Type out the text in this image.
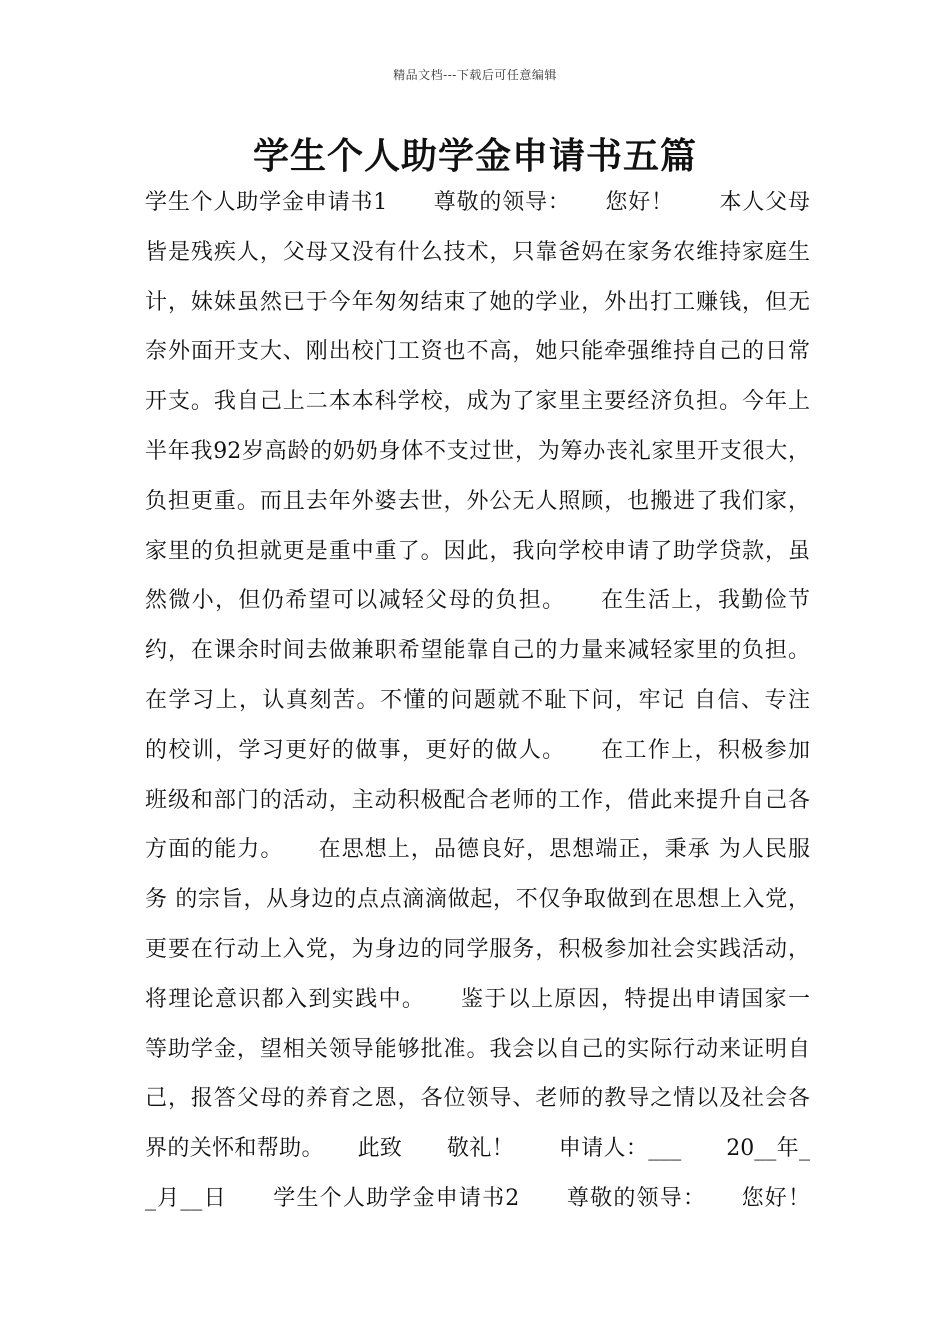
精品文档---下载后可任意编辑
学生个人助学金申请书五篇
学生个人助学金申请书1　　尊敬的领导：　　您好！　　本人父母
皆是残疾人，父母又没有什么技术，只靠爸妈在家务农维持家庭生
计，妹妹虽然已于今年匆匆结束了她的学业，外出打工赚钱，但无
奈外面开支大、刚出校门工资也不高，她只能牵强维持自己的日常
开支。我自己上二本本科学校，成为了家里主要经济负担。今年上
半年我92岁高龄的奶奶身体不支过世，为筹办丧礼家里开支很大，
负担更重。而且去年外婆去世，外公无人照顾，也搬进了我们家，
家里的负担就更是重中重了。因此，我向学校申请了助学贷款，虽
然微小，但仍希望可以减轻父母的负担。　　在生活上，我勤俭节
约，在课余时间去做兼职希望能靠自己的力量来减轻家里的负担。
在学习上，认真刻苦。不懂的问题就不耻下问，牢记 自信、专注
的校训，学习更好的做事，更好的做人。　　在工作上，积极参加
班级和部门的活动，主动积极配合老师的工作，借此来提升自己各
方面的能力。　　在思想上，品德良好，思想端正，秉承 为人民服
务 的宗旨，从身边的点点滴滴做起，不仅争取做到在思想上入党，
更要在行动上入党，为身边的同学服务，积极参加社会实践活动，
将理论意识都入到实践中。　　鉴于以上原因，特提出申请国家一
等助学金，望相关领导能够批准。我会以自己的实际行动来证明自
己，报答父母的养育之恩，各位领导、老师的教导之情以及社会各
界的关怀和帮助。　　此致　　敬礼！　　申请人：___　　20__年_
_月__日　　学生个人助学金申请书2　　尊敬的领导：　　您好！
